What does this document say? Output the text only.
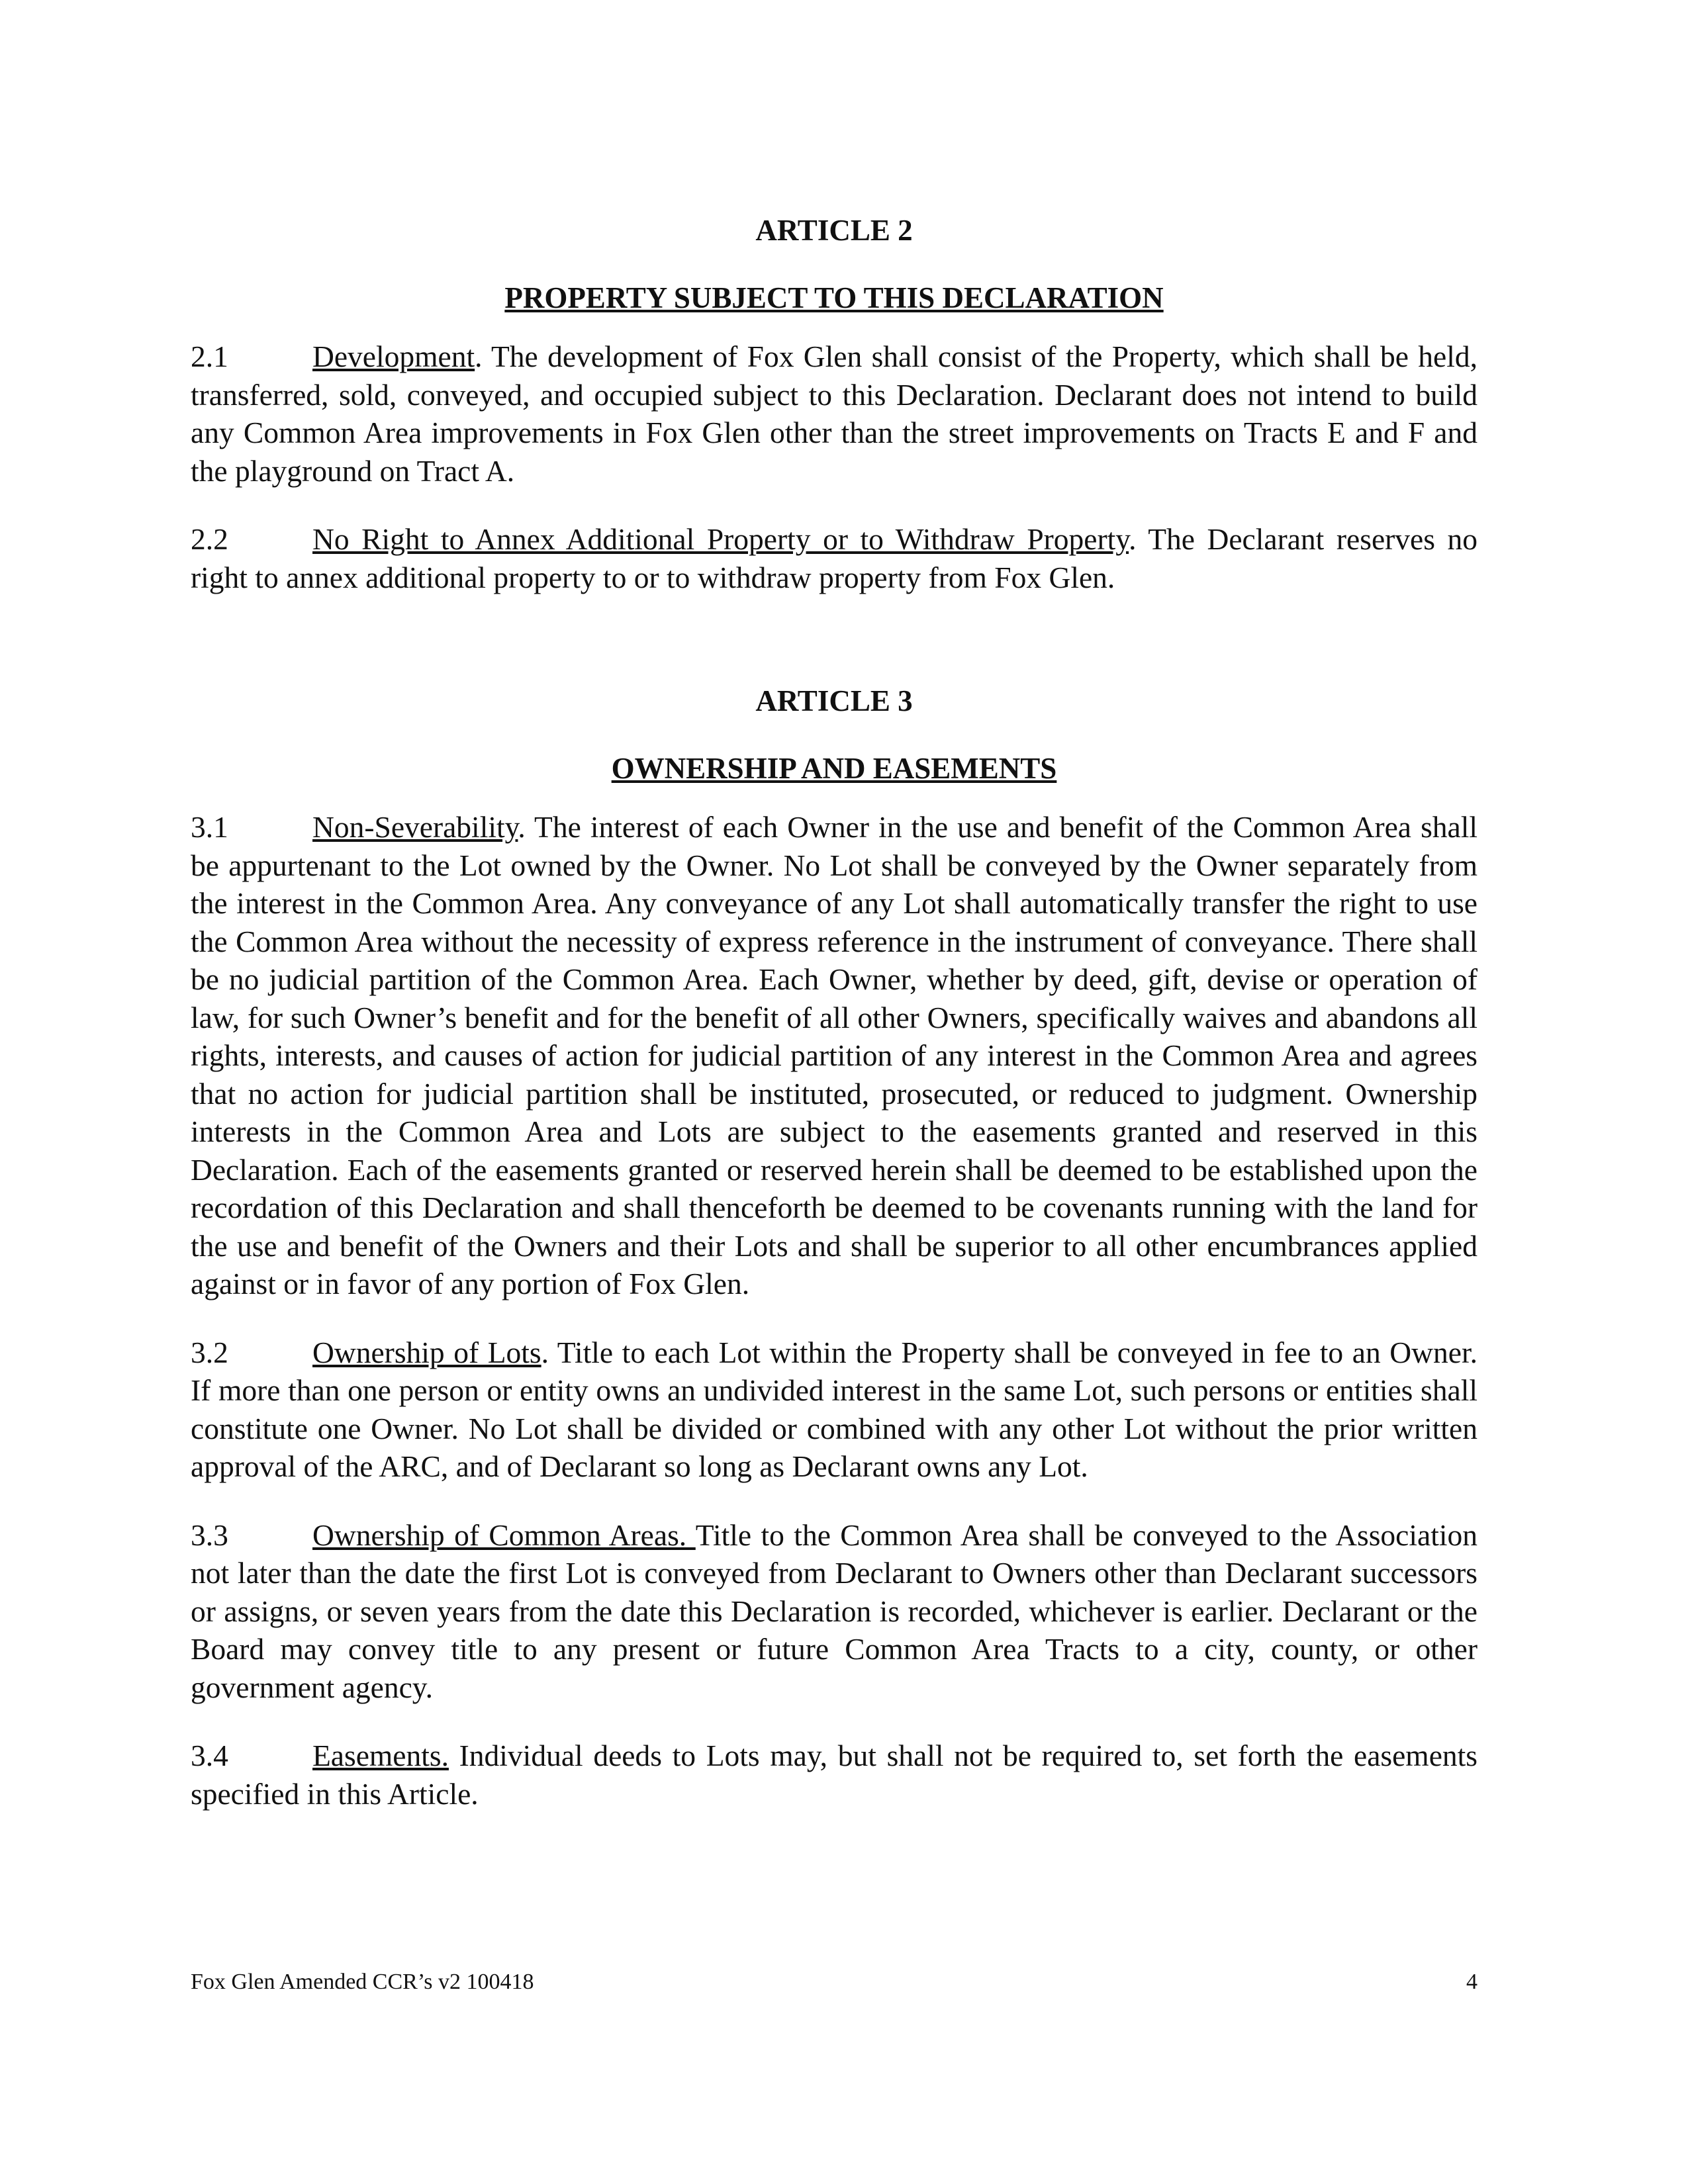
ARTICLE 2

PROPERTY SUBJECT TO THIS DECLARATION

2.1	Development. The development of Fox Glen shall consist of the Property, which shall be held, transferred, sold, conveyed, and occupied subject to this Declaration. Declarant does not intend to build any Common Area improvements in Fox Glen other than the street improvements on Tracts E and F and the playground on Tract A.

2.2	No Right to Annex Additional Property or to Withdraw Property. The Declarant reserves no right to annex additional property to or to withdraw property from Fox Glen.

ARTICLE 3

OWNERSHIP AND EASEMENTS

3.1	Non-Severability. The interest of each Owner in the use and benefit of the Common Area shall be appurtenant to the Lot owned by the Owner. No Lot shall be conveyed by the Owner separately from the interest in the Common Area. Any conveyance of any Lot shall automatically transfer the right to use the Common Area without the necessity of express reference in the instrument of conveyance. There shall be no judicial partition of the Common Area. Each Owner, whether by deed, gift, devise or operation of law, for such Owner’s benefit and for the benefit of all other Owners, specifically waives and abandons all rights, interests, and causes of action for judicial partition of any interest in the Common Area and agrees that no action for judicial partition shall be instituted, prosecuted, or reduced to judgment. Ownership interests in the Common Area and Lots are subject to the easements granted and reserved in this Declaration. Each of the easements granted or reserved herein shall be deemed to be established upon the recordation of this Declaration and shall thenceforth be deemed to be covenants running with the land for the use and benefit of the Owners and their Lots and shall be superior to all other encumbrances applied against or in favor of any portion of Fox Glen.

3.2	Ownership of Lots. Title to each Lot within the Property shall be conveyed in fee to an Owner. If more than one person or entity owns an undivided interest in the same Lot, such persons or entities shall constitute one Owner. No Lot shall be divided or combined with any other Lot without the prior written approval of the ARC, and of Declarant so long as Declarant owns any Lot.

3.3	Ownership of Common Areas. Title to the Common Area shall be conveyed to the Association not later than the date the first Lot is conveyed from Declarant to Owners other than Declarant successors or assigns, or seven years from the date this Declaration is recorded, whichever is earlier. Declarant or the Board may convey title to any present or future Common Area Tracts to a city, county, or other government agency.

3.4	Easements. Individual deeds to Lots may, but shall not be required to, set forth the easements specified in this Article.

Fox Glen Amended CCR’s v2 100418	4
